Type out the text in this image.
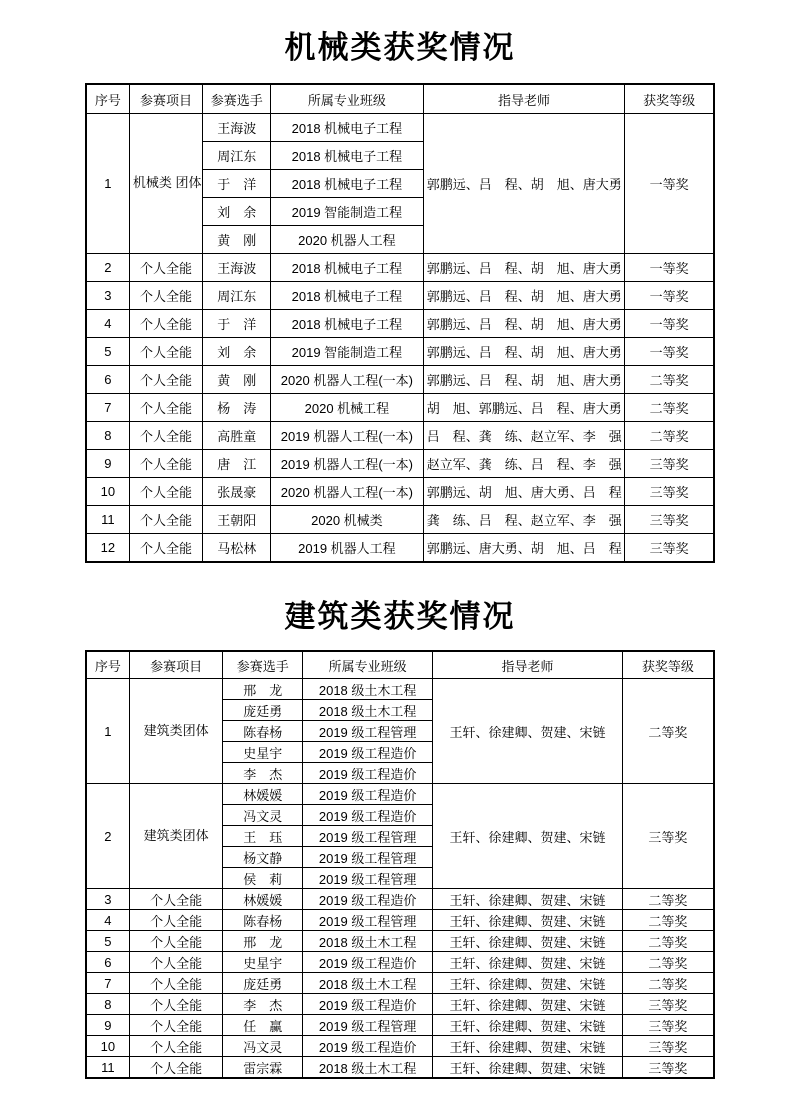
机械类获奖情况
序号	参赛项目	参赛选手	所属专业班级	指导老师	获奖等级
1	机械类 团体	王海波	2018 机械电子工程	郭鹏远、吕　程、胡　旭、唐大勇	一等奖
		周江东	2018 机械电子工程		
		于　洋	2018 机械电子工程		
		刘　余	2019 智能制造工程		
		黄　刚	2020 机器人工程		
2	个人全能	王海波	2018 机械电子工程	郭鹏远、吕　程、胡　旭、唐大勇	一等奖
3	个人全能	周江东	2018 机械电子工程	郭鹏远、吕　程、胡　旭、唐大勇	一等奖
4	个人全能	于　洋	2018 机械电子工程	郭鹏远、吕　程、胡　旭、唐大勇	一等奖
5	个人全能	刘　余	2019 智能制造工程	郭鹏远、吕　程、胡　旭、唐大勇	一等奖
6	个人全能	黄　刚	2020 机器人工程(一本)	郭鹏远、吕　程、胡　旭、唐大勇	二等奖
7	个人全能	杨　涛	2020 机械工程	胡　旭、郭鹏远、吕　程、唐大勇	二等奖
8	个人全能	高胜童	2019 机器人工程(一本)	吕　程、龚　练、赵立军、李　强	二等奖
9	个人全能	唐　江	2019 机器人工程(一本)	赵立军、龚　练、吕　程、李　强	三等奖
10	个人全能	张晟豪	2020 机器人工程(一本)	郭鹏远、胡　旭、唐大勇、吕　程	三等奖
11	个人全能	王朝阳	2020 机械类	龚　练、吕　程、赵立军、李　强	三等奖
12	个人全能	马松林	2019 机器人工程	郭鹏远、唐大勇、胡　旭、吕　程	三等奖
建筑类获奖情况
序号	参赛项目	参赛选手	所属专业班级	指导老师	获奖等级
1	建筑类团体	邢　龙	2018 级土木工程	王轩、徐建卿、贺建、宋链	二等奖
		庞廷勇	2018 级土木工程		
		陈春杨	2019 级工程管理		
		史星宇	2019 级工程造价		
		李　杰	2019 级工程造价		
2	建筑类团体	林媛媛	2019 级工程造价	王轩、徐建卿、贺建、宋链	三等奖
		冯文灵	2019 级工程造价		
		王　珏	2019 级工程管理		
		杨文静	2019 级工程管理		
		侯　莉	2019 级工程管理		
3	个人全能	林媛媛	2019 级工程造价	王轩、徐建卿、贺建、宋链	二等奖
4	个人全能	陈春杨	2019 级工程管理	王轩、徐建卿、贺建、宋链	二等奖
5	个人全能	邢　龙	2018 级土木工程	王轩、徐建卿、贺建、宋链	二等奖
6	个人全能	史星宇	2019 级工程造价	王轩、徐建卿、贺建、宋链	二等奖
7	个人全能	庞廷勇	2018 级土木工程	王轩、徐建卿、贺建、宋链	二等奖
8	个人全能	李　杰	2019 级工程造价	王轩、徐建卿、贺建、宋链	三等奖
9	个人全能	任　赢	2019 级工程管理	王轩、徐建卿、贺建、宋链	三等奖
10	个人全能	冯文灵	2019 级工程造价	王轩、徐建卿、贺建、宋链	三等奖
11	个人全能	雷宗霖	2018 级土木工程	王轩、徐建卿、贺建、宋链	三等奖
